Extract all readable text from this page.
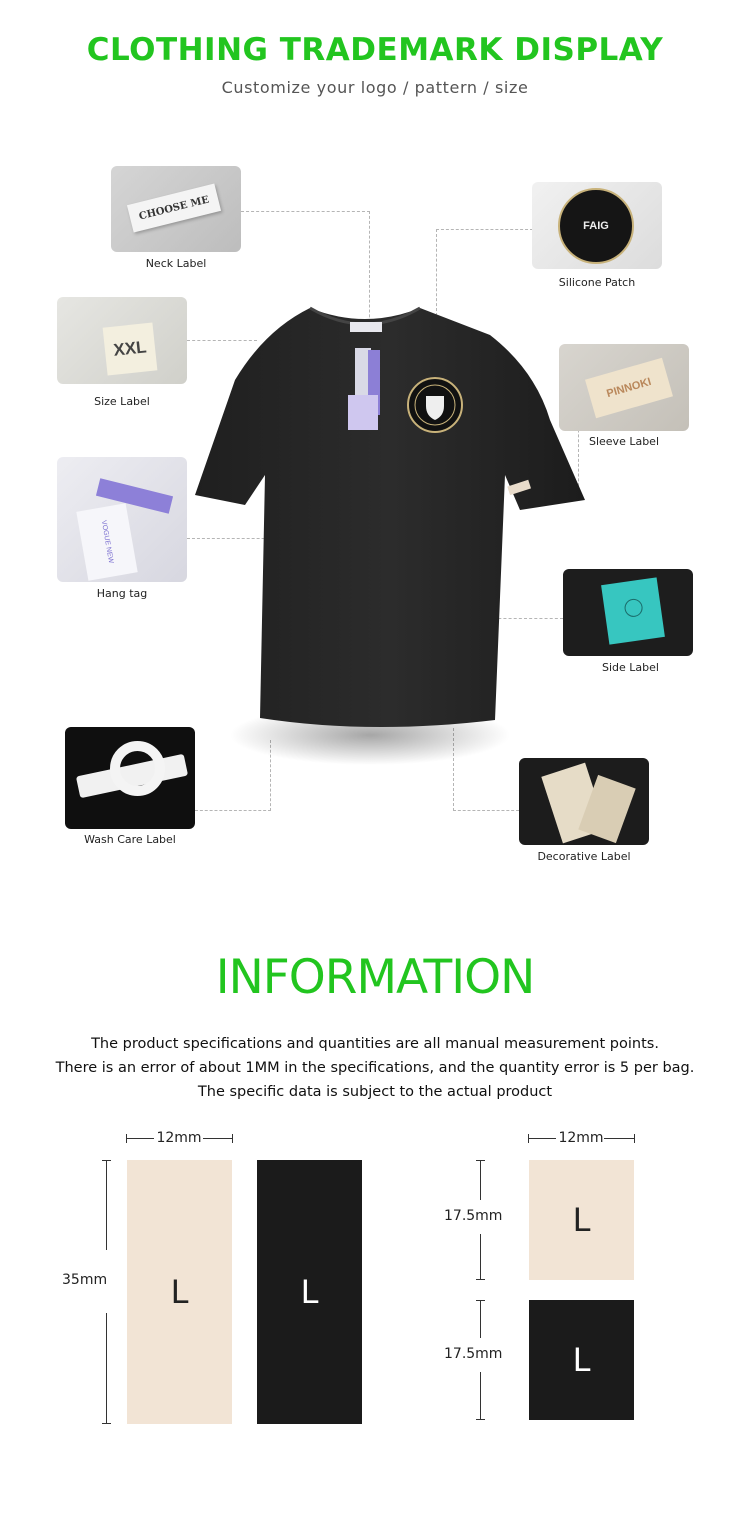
CLOTHING TRADEMARK DISPLAY
Customize your logo / pattern / size
CHOOSE ME
Neck Label
XXL
Size Label
VOGUE NEW
Hang tag
Wash Care Label
FAIG
Silicone Patch
PINNOKI
Sleeve Label
Side Label
Decorative Label
INFORMATION
The product specifications and quantities are all manual measurement points.
There is an error of about 1MM in the specifications, and the quantity error is 5 per bag.
The specific data is subject to the actual product
12mm
35mm	L	L
12mm
17.5mm
17.5mm
L
L
